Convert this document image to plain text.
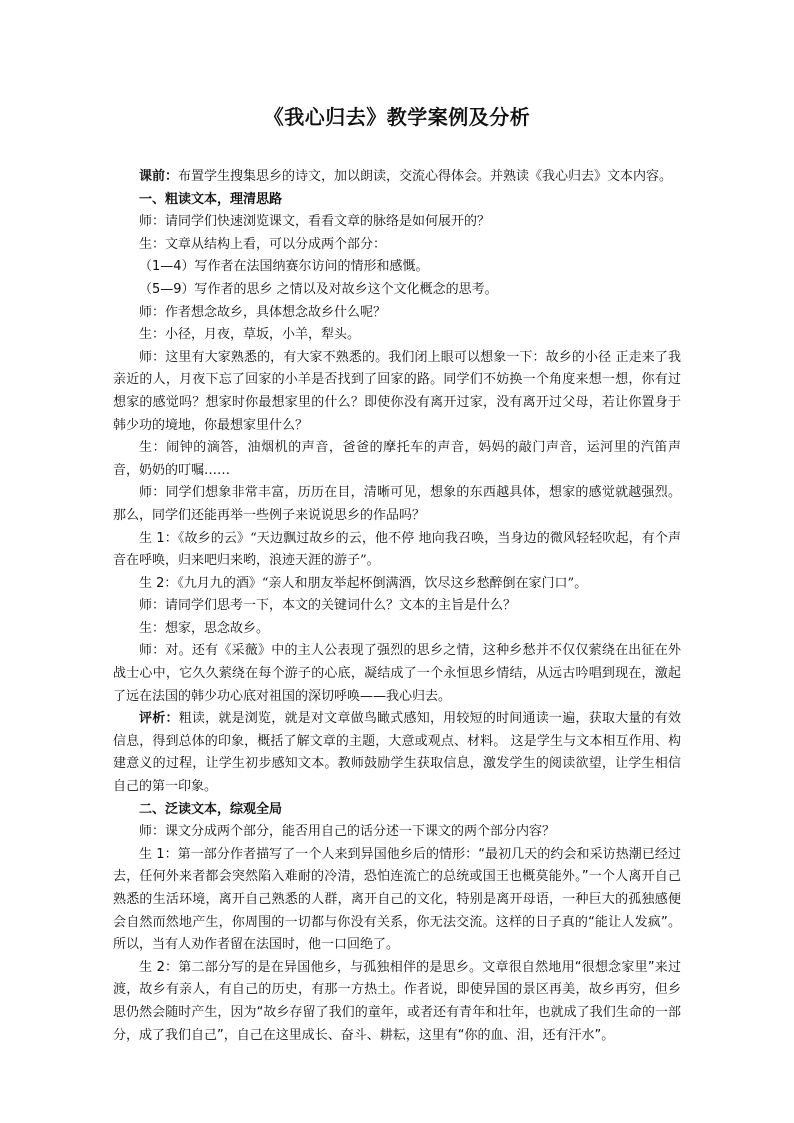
《我心归去》教学案例及分析

课前：布置学生搜集思乡的诗文，加以朗读，交流心得体会。并熟读《我心归去》文本内容。

一、粗读文本，理清思路

师：请同学们快速浏览课文，看看文章的脉络是如何展开的？

生：文章从结构上看，可以分成两个部分：

（1—4）写作者在法国纳赛尔访问的情形和感慨。

（5—9）写作者的思乡 之情以及对故乡这个文化概念的思考。

师：作者想念故乡，具体想念故乡什么呢？

生：小径，月夜，草坂，小羊，犁头。

师：这里有大家熟悉的，有大家不熟悉的。我们闭上眼可以想象一下：故乡的小径 正走来了我亲近的人，月夜下忘了回家的小羊是否找到了回家的路。同学们不妨换一个角度来想一想，你有过想家的感觉吗？想家时你最想家里的什么？即使你没有离开过家，没有离开过父母，若让你置身于韩少功的境地，你最想家里什么？

生：闹钟的滴答，油烟机的声音，爸爸的摩托车的声音，妈妈的敲门声音，运河里的汽笛声音，奶奶的叮嘱……

师：同学们想象非常丰富，历历在目，清晰可见，想象的东西越具体，想家的感觉就越强烈。那么，同学们还能再举一些例子来说说思乡的作品吗？

生 1：《故乡的云》“天边飘过故乡的云，他不停 地向我召唤，当身边的微风轻轻吹起，有个声音在呼唤，归来吧归来哟，浪迹天涯的游子”。

生 2：《九月九的酒》“亲人和朋友举起杯倒满酒，饮尽这乡愁醉倒在家门口”。

师：请同学们思考一下，本文的关键词什么？文本的主旨是什么？

生：想家，思念故乡。

师：对。还有《采薇》中的主人公表现了强烈的思乡之情，这种乡愁并不仅仅萦绕在出征在外战士心中，它久久萦绕在每个游子的心底，凝结成了一个永恒思乡情结，从远古吟唱到现在，激起了远在法国的韩少功心底对祖国的深切呼唤——我心归去。

评析：粗读，就是浏览，就是对文章做鸟瞰式感知，用较短的时间通读一遍，获取大量的有效信息，得到总体的印象，概括了解文章的主题，大意或观点、材料。 这是学生与文本相互作用、构建意义的过程，让学生初步感知文本。教师鼓励学生获取信息，激发学生的阅读欲望，让学生相信自己的第一印象。

二、泛读文本，综观全局

师：课文分成两个部分，能否用自己的话分述一下课文的两个部分内容？

生 1：第一部分作者描写了一个人来到异国他乡后的情形：“最初几天的约会和采访热潮已经过去，任何外来者都会突然陷入难耐的冷清，恐怕连流亡的总统或国王也概莫能外。”一个人离开自己熟悉的生活环境，离开自己熟悉的人群，离开自己的文化，特别是离开母语，一种巨大的孤独感便会自然而然地产生，你周围的一切都与你没有关系，你无法交流。这样的日子真的“能让人发疯”。所以，当有人劝作者留在法国时，他一口回绝了。

生 2：第二部分写的是在异国他乡，与孤独相伴的是思乡。文章很自然地用“很想念家里”来过渡，故乡有亲人，有自己的历史，有那一方热土。作者说，即使异国的景区再美，故乡再穷，但乡思仍然会随时产生，因为“故乡存留了我们的童年，或者还有青年和壮年，也就成了我们生命的一部分，成了我们自己”，自己在这里成长、奋斗、耕耘，这里有“你的血、泪，还有汗水”。
